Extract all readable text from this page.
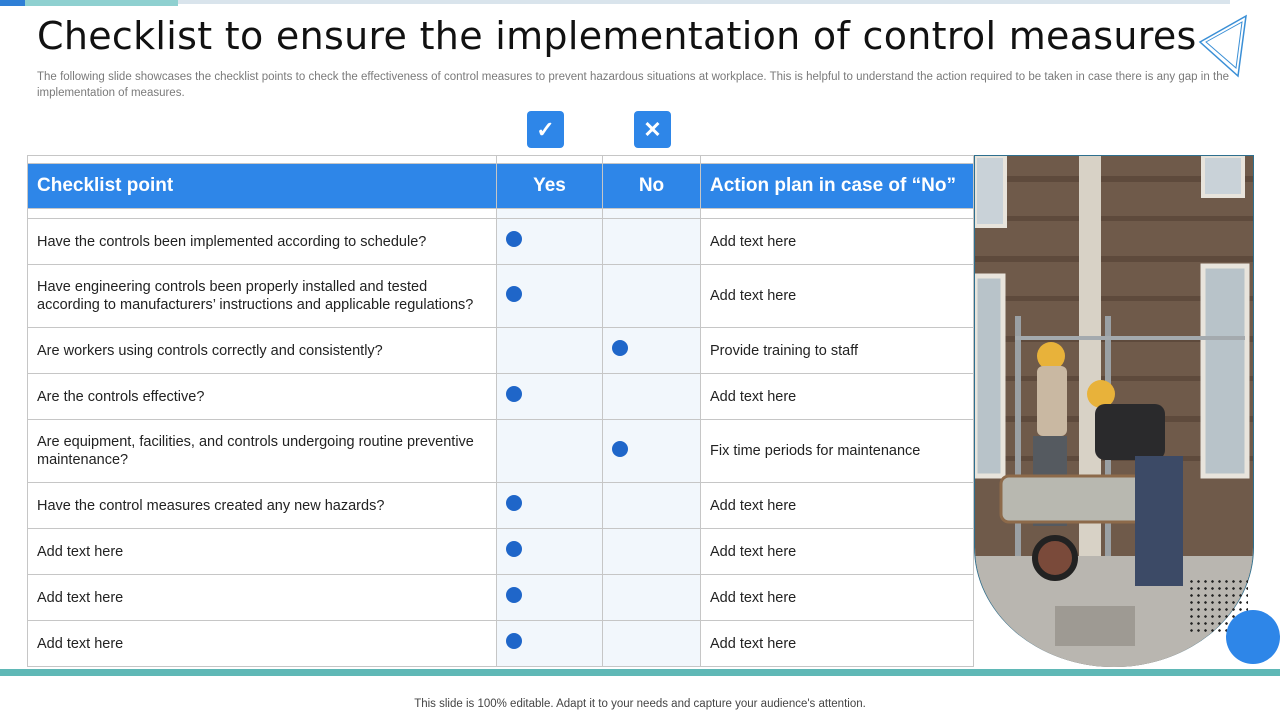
Checklist to ensure the implementation of control measures

The following slide showcases the checklist points to check the effectiveness of control measures to prevent hazardous situations at workplace. This is helpful to understand the action required to be taken in case there is any gap in the implementation of measures.

✓	✕

Checklist point	Yes	No	Action plan in case of “No”

Have the controls been implemented according to schedule?			Add text here
Have engineering controls been properly installed and tested according to manufacturers’ instructions and applicable regulations?			Add text here
Are workers using controls correctly and consistently?			Provide training to staff
Are the controls effective?			Add text here
Are equipment, facilities, and controls undergoing routine preventive maintenance?			Fix time periods for maintenance
Have the control measures created any new hazards?			Add text here
Add text here			Add text here
Add text here			Add text here
Add text here			Add text here
This slide is 100% editable. Adapt it to your needs and capture your audience's attention.
